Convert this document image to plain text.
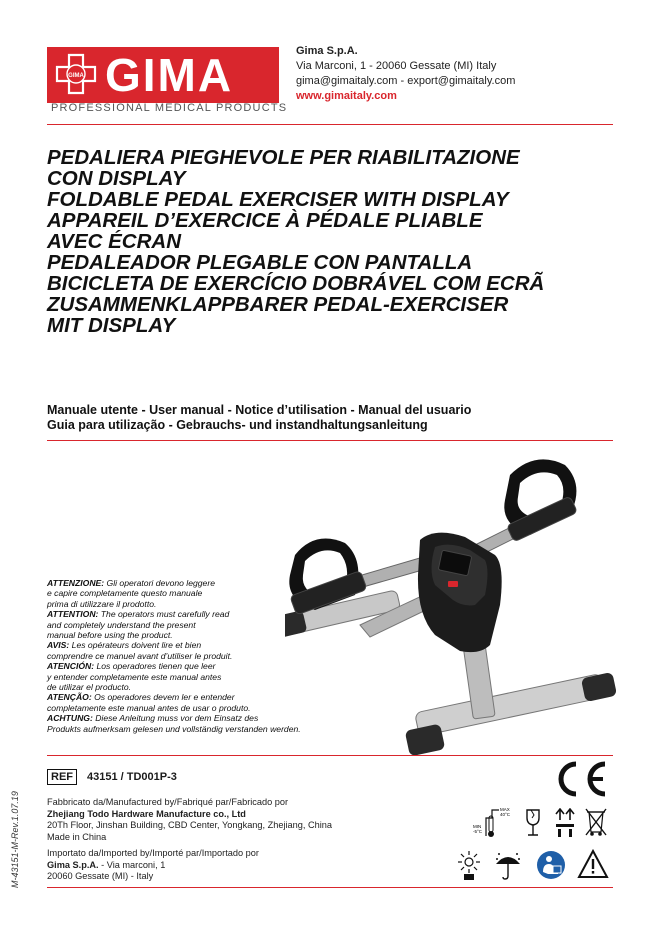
GIMA GIMA
PROFESSIONAL MEDICAL PRODUCTS
Gima S.p.A.
Via Marconi, 1 - 20060 Gessate (MI) Italy
gima@gimaitaly.com - export@gimaitaly.com
www.gimaitaly.com
PEDALIERA PIEGHEVOLE PER RIABILITAZIONE
CON DISPLAY
FOLDABLE PEDAL EXERCISER WITH DISPLAY
APPAREIL D’EXERCICE À PÉDALE PLIABLE
AVEC ÉCRAN
PEDALEADOR PLEGABLE CON PANTALLA
BICICLETA DE EXERCÍCIO DOBRÁVEL COM ECRÃ
ZUSAMMENKLAPPBARER PEDAL-EXERCISER
MIT DISPLAY
Manuale utente - User manual - Notice d’utilisation - Manual del usuario
Guia para utilização - Gebrauchs- und instandhaltungsanleitung

ATTENZIONE: Gli operatori devono leggere

e capire completamente questo manuale

prima di utilizzare il prodotto.

ATTENTION: The operators must carefully read

and completely understand the present

manual before using the product.

AVIS: Les opérateurs doivent lire et bien

comprendre ce manuel avant d’utiliser le produit.

ATENCIÓN: Los operadores tienen que leer

y entender completamente este manual antes

de utilizar el producto.

ATENÇÃO: Os operadores devem ler e entender

completamente este manual antes de usar o produto.

ACHTUNG: Diese Anleitung muss vor dem Einsatz des

Produkts aufmerksam gelesen und vollständig verstanden werden.

REF	43151 / TD001P-3
Fabbricato da/Manufactured by/Fabriqué par/Fabricado por
Zhejiang Todo Hardware Manufacture co., Ltd
20Th Floor, Jinshan Building, CBD Center, Yongkang, Zhejiang, China
Made in China
Importato da/Imported by/Importé par/Importado por
Gima S.p.A. - Via marconi, 1
20060 Gessate (MI) - Italy
M-43151-M-Rev.1.07.19	MIN
-5°C
MAX
40°C
